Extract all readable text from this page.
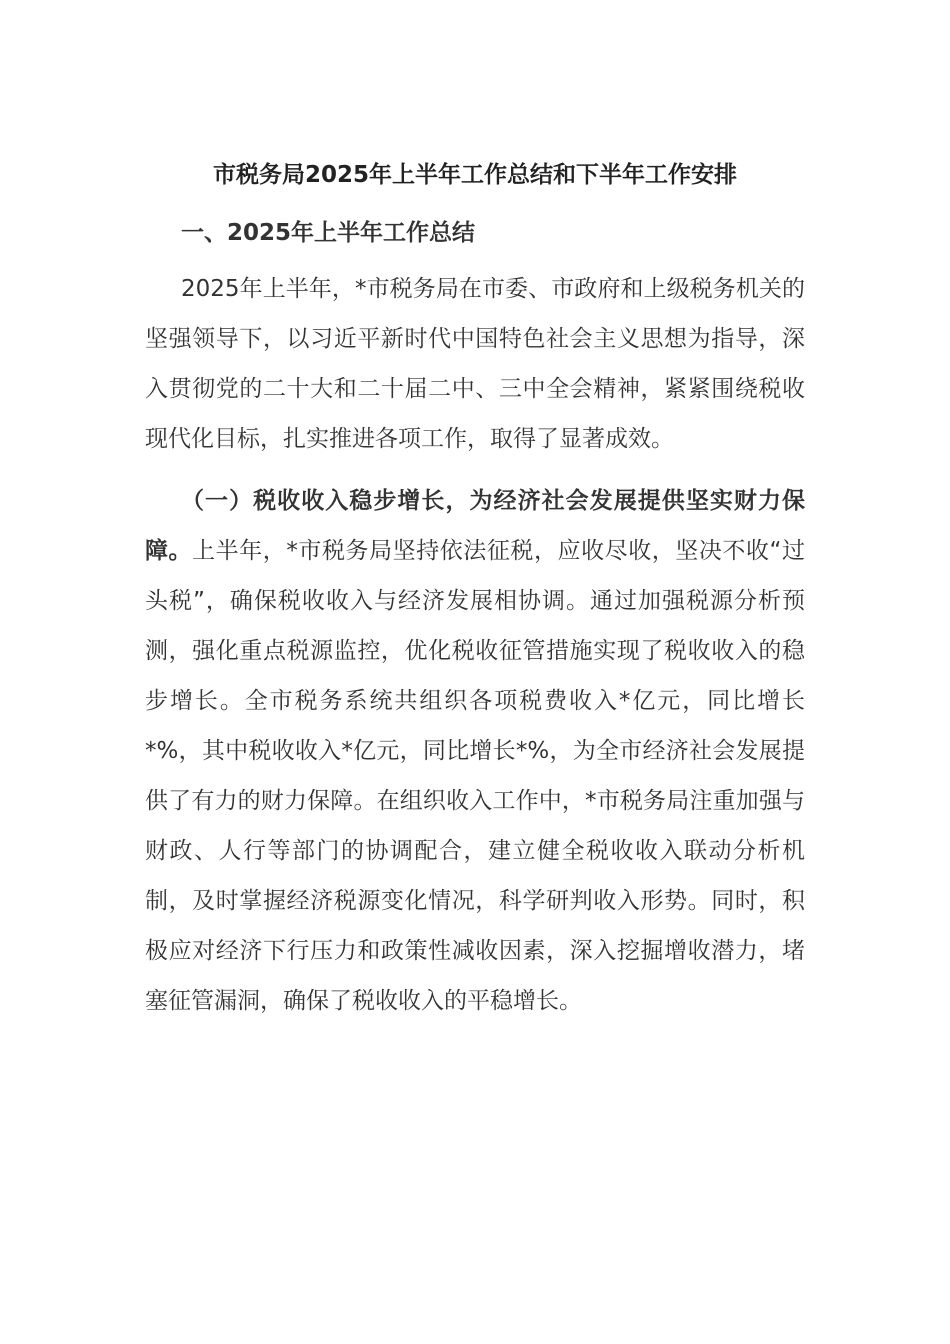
市税务局2025年上半年工作总结和下半年工作安排
一、2025年上半年工作总结

2025年上半年，*市税务局在市委、市政府和上级税务机关的坚强领导下，以习近平新时代中国特色社会主义思想为指导，深入贯彻党的二十大和二十届二中、三中全会精神，紧紧围绕税收现代化目标，扎实推进各项工作，取得了显著成效。

（一）税收收入稳步增长，为经济社会发展提供坚实财力保障。上半年，*市税务局坚持依法征税，应收尽收，坚决不收“过头税”，确保税收收入与经济发展相协调。通过加强税源分析预测，强化重点税源监控，优化税收征管措施实现了税收收入的稳步增长。全市税务系统共组织各项税费收入*亿元，同比增长*%，其中税收收入*亿元，同比增长*%，为全市经济社会发展提供了有力的财力保障。在组织收入工作中，*市税务局注重加强与财政、人行等部门的协调配合，建立健全税收收入联动分析机制，及时掌握经济税源变化情况，科学研判收入形势。同时，积极应对经济下行压力和政策性减收因素，深入挖掘增收潜力，堵塞征管漏洞，确保了税收收入的平稳增长。
